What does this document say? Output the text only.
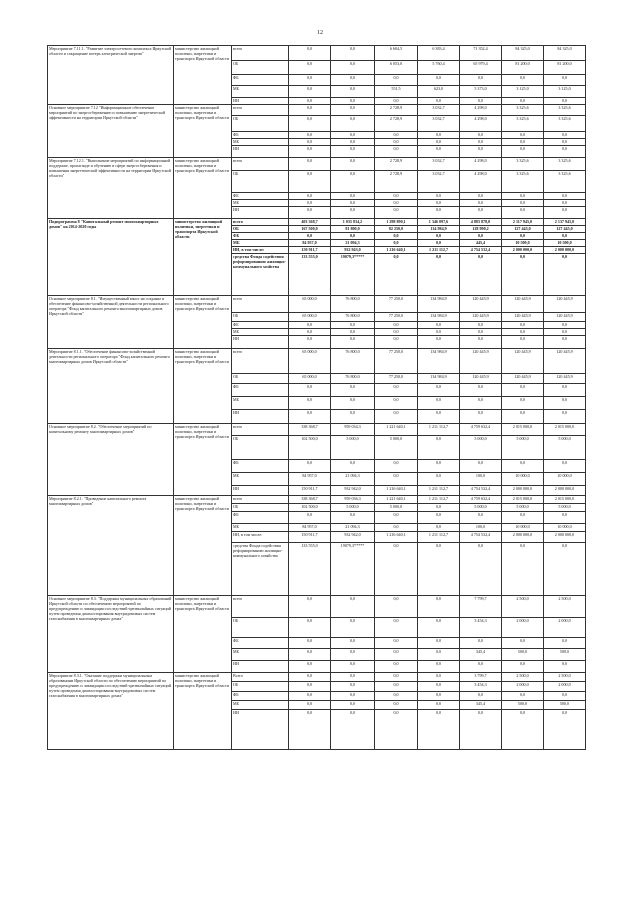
12
Мероприятие 7.11.1. "Развитие электросетевого комплекса Иркутской области и сокращение потерь электрической энергии"	министерство жилищной политики, энергетики и транспорта Иркутской области	всего	0,0	0,0	6 604,5	6 383,4	71 352,4	84 325,0	84 325,0
		ОБ	0,0	0,0	6 053,0	5 760,4	65 979,4	81 200,0	81 200,0
		ФБ	0,0	0,0	0,0	0,0	0,0	0,0	0,0
		МБ	0,0	0,0	551,5	623,0	5 373,0	3 125,0	3 125,0
		ИИ	0,0	0,0	0,0	0,0	0,0	0,0	0,0
Основное мероприятие 7.12 "Информационное обеспечение мероприятий по энергосбережению и повышению энергетической эффективности на территории Иркутской области"	министерство жилищной политики, энергетики и транспорта Иркутской области	всего	0,0	0,0	2 728,9	3 032,7	4 298,0	3 325,6	3 325,6
		ОБ	0,0	0,0	2 728,9	3 032,7	4 298,0	3 325,6	3 325,6
		ФБ	0,0	0,0	0,0	0,0	0,0	0,0	0,0
		МБ	0,0	0,0	0,0	0,0	0,0	0,0	0,0
		ИИ	0,0	0,0	0,0	0,0	0,0	0,0	0,0
Мероприятие 7.12.1. "Выполнение мероприятий по информационной поддержке, пропаганде и обучению в сфере энергосбережения и повышения энергетической эффективности на территории Иркутской области"	министерство жилищной политики, энергетики и транспорта Иркутской области	всего	0,0	0,0	2 728,9	3 032,7	4 298,0	3 325,6	3 325,6
		ОБ	0,0	0,0	2 728,9	3 032,7	4 298,0	3 325,6	3 325,6
		ФБ	0,0	0,0	0,0	0,0	0,0	0,0	0,0
		МБ	0,0	0,0	0,0	0,0	0,0	0,0	0,0
		ИИ	0,0	0,0	0,0	0,0	0,0	0,0	0,0
Подпрограмма 8 "Капитальный ремонт многоквартирных домов" на 2014-2020 годы	министерство жилищной политики, энергетики и транспорта Иркутской области	всего	403 368,7	1 035 834,2	1 298 890,1	1 346 097,6	4 883 878,0	2 117 945,0	2 137 945,0
		ОБ	167 500,0	81 800,0	82 250,0	134 984,9	128 990,2	127 445,0	127 445,0
		ФБ	0,0	0,0	0,0	0,0	0,0	0,0	0,0
		МБ	84 957,0	21 094,3	0,0	0,0	445,4	10 500,0	10 500,0
		ИИ, в том числе:	150 911,7	932 943,0	1 216 640,1	1 211 112,7	4 754 532,4	2 000 000,0	2 000 000,0
		средства Фонда содействия реформированию жилищно-коммунального хозйства	133 555,0	19079,3*****	0,0	0,0	0,0	0,0	0,0
Основное мероприятие 8.1. "Имущественный взнос на создание и обеспечение финансово-хозяйственной деятельности регионального оператора "Фонд капитального ремонта многоквартирных домов Иркутской области"	министерство жилищной политики, энергетики и транспорта Иркутской области	всего	65 000,0	76 800,0	77 250,0	134 984,9	120 445,9	120 445,9	120 445,9
		ОБ	65 000,0	76 800,0	77 250,0	134 984,9	120 445,9	120 445,9	120 445,9
		ФБ	0,0	0,0	0,0	0,0	0,0	0,0	0,0
		МБ	0,0	0,0	0,0	0,0	0,0	0,0	0,0
		ИИ	0,0	0,0	0,0	0,0	0,0	0,0	0,0
Мероприятие 8.1.1. "Обеспечение финансово-хозяйственной деятельности регионального оператора "Фонд капитального ремонта многоквартирных домов Иркутской области"	министерство жилищной политики, энергетики и транспорта Иркутской области	всего	65 000,0	76 800,0	77 250,0	134 984,9	120 445,9	120 445,9	120 445,9
		ОБ	65 000,0	76 800,0	77 250,0	134 984,9	120 445,9	120 445,9	120 445,9
		ФБ	0,0	0,0	0,0	0,0	0,0	0,0	0,0
		МБ	0,0	0,0	0,0	0,0	0,0	0,0	0,0
		ИИ	0,0	0,0	0,0	0,0	0,0	0,0	0,0
Основное мероприятие 8.2. "Обеспечение мероприятий по капитальному ремонту многоквартирных домов"	министерство жилищной политики, энергетики и транспорта Иркутской области	всего	338 368,7	959 034,3	1 221 640,1	1 211 112,7	4 759 632,4	2 015 000,0	2 015 000,0
		ОБ	102 500,0	5 000,0	5 000,0	0,0	5 000,0	5 000,0	5 000,0
		ФБ	0,0	0,0	0,0	0,0	0,0	0,0	0,0
		МБ	84 957,0	21 094,3	0,0	0,0	100,0	10 000,0	10 000,0
		ИИ	150 911,7	932 942,0	1 216 640,1	1 211 112,7	4 754 532,4	2 000 000,0	2 000 000,0
Мероприятие 8.2.1. "Проведение капитального ремонта многоквартирных домов"	министерство жилищной политики, энергетики и транспорта Иркутской области	всего	338 368,7	959 036,3	1 221 640,1	1 211 112,7	4 759 632,4	2 015 000,0	2 015 000,0
		ОБ	102 500,0	5 000,0	5 000,0	0,0	5 000,0	5 000,0	5 000,0
		ФБ	0,0	0,0	0,0	0,0	0,0	0,0	0,0
		МБ	84 957,0	21 094,3	0,0	0,0	100,0	10 000,0	10 000,0
		ИИ, в том числе:	150 911,7	932 942,0	1 216 640,1	1 211 112,7	4 754 532,4	2 000 000,0	2 000 000,0
		средства Фонда содействия реформированию жилищно-коммунального хозяйства	133 555,0	19079,3*****	0,0	0,0	0,0	0,0	0,0
Основное мероприятие 8.3. "Поддержка муниципальных образований Иркутской области по обеспечению мероприятий по предупреждению и ликвидации последствий чрезвычайных ситуаций путем проведения диагностирования внутридомовых систем газоснабжения в многоквартирных домах"	министерство жилищной политики, энергетики и транспорта Иркутской области	всего	0,0	0,0	0,0	0,0	7 799,7	2 500,0	2 500,0
		ОБ	0,0	0,0	0,0	0,0	3 454,3	2 000,0	2 000,0
		ФБ	0,0	0,0	0,0	0,0	0,0	0,0	0,0
		МБ	0,0	0,0	0,0	0,0	345,4	500,0	500,0
		ИИ	0,0	0,0	0,0	0,0	0,0	0,0	0,0
Мероприятие 8.3.1. "Оказание поддержки муниципальным образованиям Иркутской области по обеспечению мероприятий по предупреждению и ликвидации последствий чрезвычайных ситуаций путем проведения диагностирования внутридомовых систем газоснабжения в многоквартирных домах"	министерство жилищной политики, энергетики и транспорта Иркутской области	Всего	0,0	0,0	0,0	0,0	3 799,7	2 500,0	2 500,0
		ОБ	0,0	0,0	0,0	0,0	3 454,3	2 000,0	2 000,0
		ФБ	0,0	0,0	0,0	0,0	0,0	0,0	0,0
		МБ	0,0	0,0	0,0	0,0	345,4	500,0	500,0
		ИИ	0,0	0,0	0,0	0,0	0,0	0,0	0,0
